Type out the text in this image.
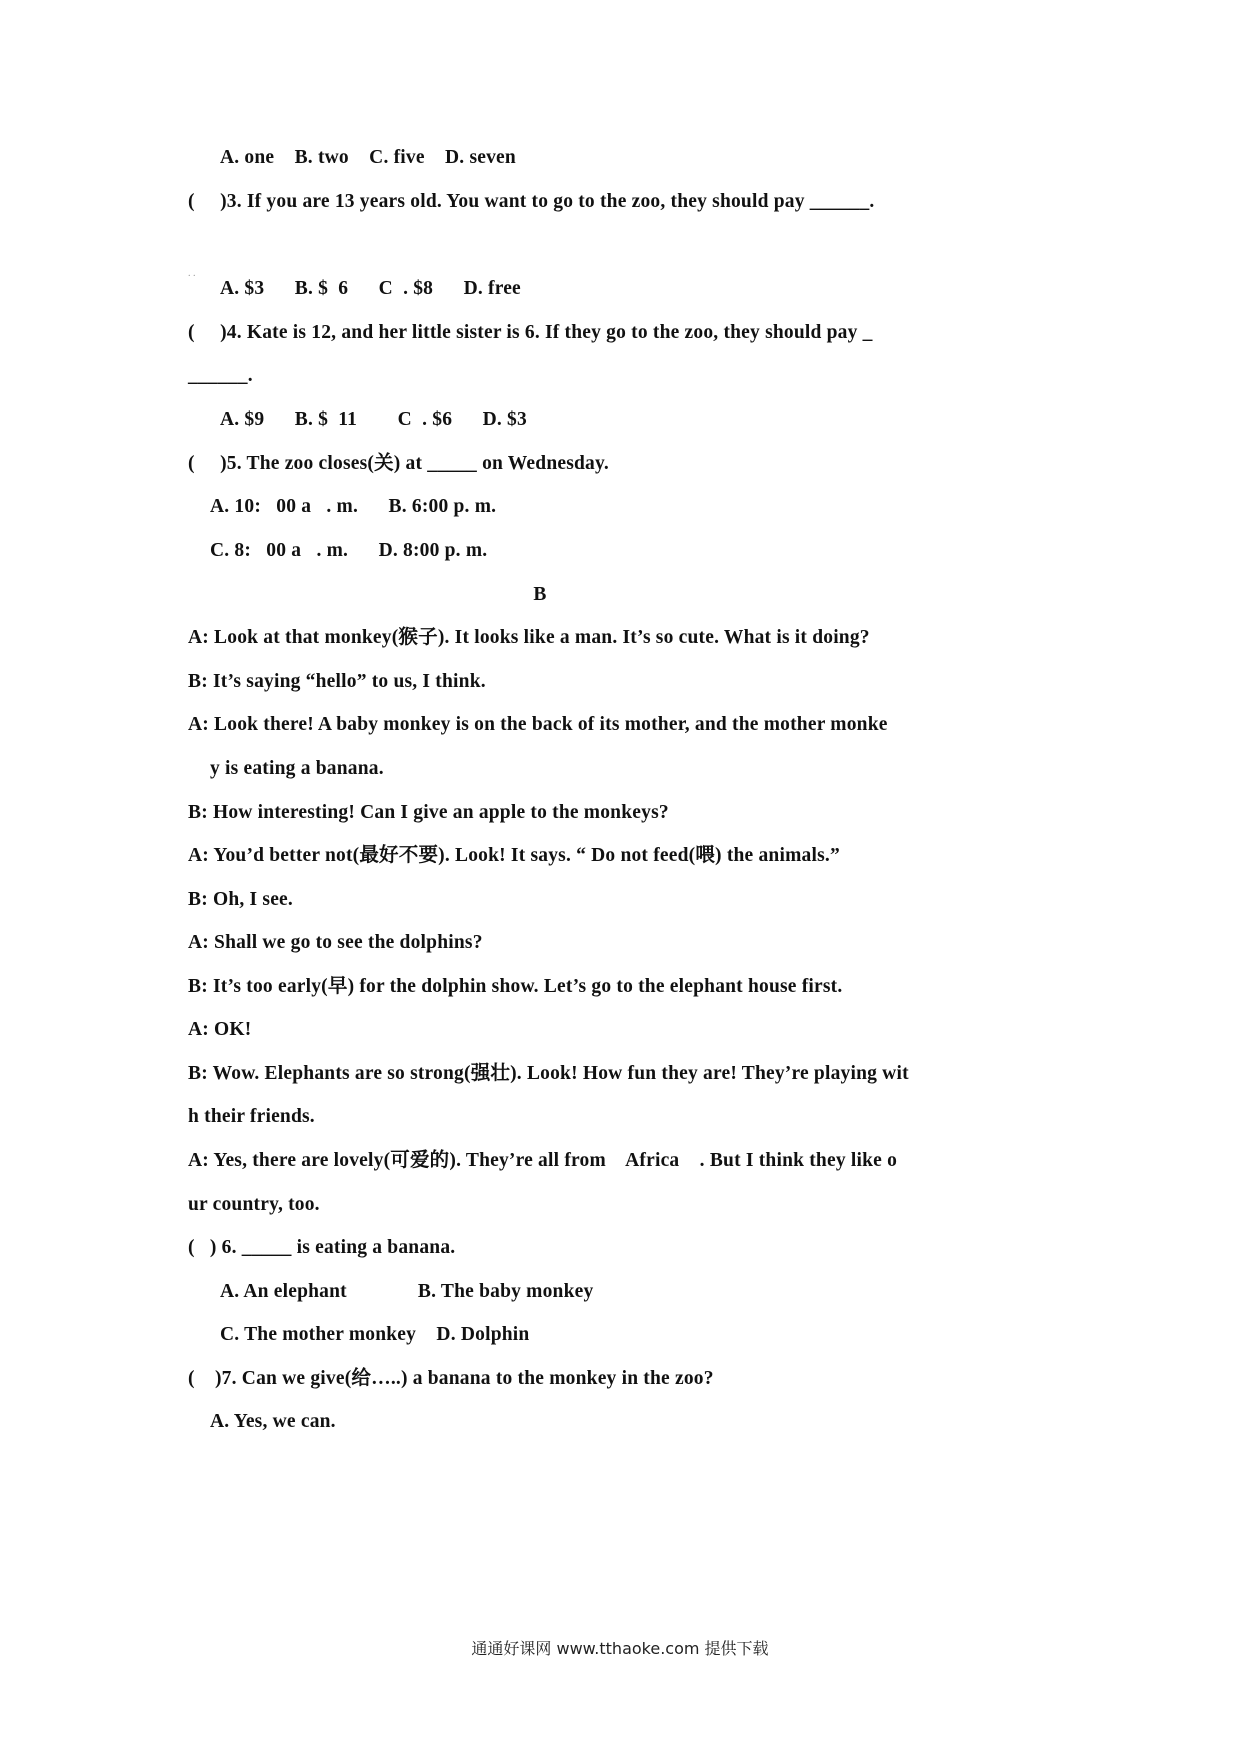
A. one    B. two    C. five    D. seven
(     )3. If you are 13 years old. You want to go to the zoo, they should pay ______.
. .
A. $3      B. $  6      C  . $8      D. free
(     )4. Kate is 12, and her little sister is 6. If they go to the zoo, they should pay _
______.
A. $9      B. $  11        C  . $6      D. $3
(     )5. The zoo closes(关) at _____ on Wednesday.
A. 10:   00 a   . m.      B. 6:00 p. m.
C. 8:   00 a   . m.      D. 8:00 p. m.
B
A: Look at that monkey(猴子). It looks like a man. It’s so cute. What is it doing?
B: It’s saying “hello” to us, I think.
A: Look there! A baby monkey is on the back of its mother, and the mother monke
y is eating a banana.
B: How interesting! Can I give an apple to the monkeys?
A: You’d better not(最好不要). Look! It says. “ Do not feed(喂) the animals.”
B: Oh, I see.
A: Shall we go to see the dolphins?
B: It’s too early(早) for the dolphin show. Let’s go to the elephant house first.
A: OK!
B: Wow. Elephants are so strong(强壮). Look! How fun they are! They’re playing wit
h their friends.
A: Yes, there are lovely(可爱的). They’re all from    Africa    . But I think they like o
ur country, too.
(   ) 6. _____ is eating a banana.
A. An elephant              B. The baby monkey
C. The mother monkey    D. Dolphin
(    )7. Can we give(给…..) a banana to the monkey in the zoo?
A. Yes, we can.
通通好课网 www.tthaoke.com 提供下载
